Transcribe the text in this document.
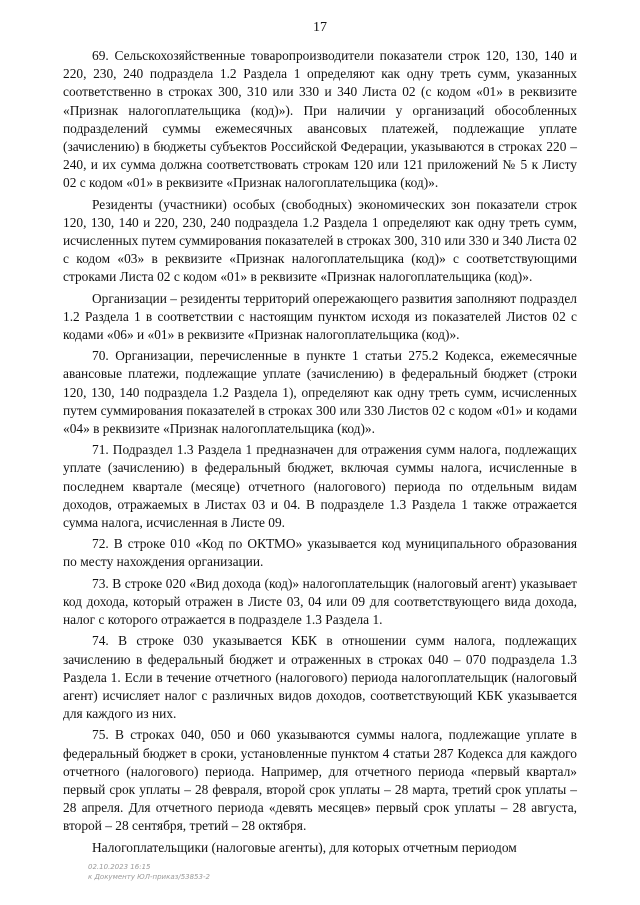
17

69. Сельскохозяйственные товаропроизводители показатели строк 120, 130, 140 и 220, 230, 240 подраздела 1.2 Раздела 1 определяют как одну треть сумм, указанных соответственно в строках 300, 310 или 330 и 340 Листа 02 (с кодом «01» в реквизите «Признак налогоплательщика (код)»). При наличии у организаций обособленных подразделений суммы ежемесячных авансовых платежей, подлежащие уплате (зачислению) в бюджеты субъектов Российской Федерации, указываются в строках 220 – 240, и их сумма должна соответствовать строкам 120 или 121 приложений № 5 к Листу 02 с кодом «01» в реквизите «Признак налогоплательщика (код)».

Резиденты (участники) особых (свободных) экономических зон показатели строк 120, 130, 140 и 220, 230, 240 подраздела 1.2 Раздела 1 определяют как одну треть сумм, исчисленных путем суммирования показателей в строках 300, 310 или 330 и 340 Листа 02 с кодом «03» в реквизите «Признак налогоплательщика (код)» с соответствующими строками Листа 02 с кодом «01» в реквизите «Признак налогоплательщика (код)».

Организации – резиденты территорий опережающего развития заполняют подраздел 1.2 Раздела 1 в соответствии с настоящим пунктом исходя из показателей Листов 02 с кодами «06» и «01» в реквизите «Признак налогоплательщика (код)».

70. Организации, перечисленные в пункте 1 статьи 275.2 Кодекса, ежемесячные авансовые платежи, подлежащие уплате (зачислению) в федеральный бюджет (строки 120, 130, 140 подраздела 1.2 Раздела 1), определяют как одну треть сумм, исчисленных путем суммирования показателей в строках 300 или 330 Листов 02 с кодом «01» и кодами «04» в реквизите «Признак налогоплательщика (код)».

71. Подраздел 1.3 Раздела 1 предназначен для отражения сумм налога, подлежащих уплате (зачислению) в федеральный бюджет, включая суммы налога, исчисленные в последнем квартале (месяце) отчетного (налогового) периода по отдельным видам доходов, отражаемых в Листах 03 и 04. В подразделе 1.3 Раздела 1 также отражается сумма налога, исчисленная в Листе 09.

72. В строке 010 «Код по ОКТМО» указывается код муниципального образования по месту нахождения организации.

73. В строке 020 «Вид дохода (код)» налогоплательщик (налоговый агент) указывает код дохода, который отражен в Листе 03, 04 или 09 для соответствующего вида дохода, налог с которого отражается в подразделе 1.3 Раздела 1.

74. В строке 030 указывается КБК в отношении сумм налога, подлежащих зачислению в федеральный бюджет и отраженных в строках 040 – 070 подраздела 1.3 Раздела 1. Если в течение отчетного (налогового) периода налогоплательщик (налоговый агент) исчисляет налог с различных видов доходов, соответствующий КБК указывается для каждого из них.

75. В строках 040, 050 и 060 указываются суммы налога, подлежащие уплате в федеральный бюджет в сроки, установленные пунктом 4 статьи 287 Кодекса для каждого отчетного (налогового) периода. Например, для отчетного периода «первый квартал» первый срок уплаты – 28 февраля, второй срок уплаты – 28 марта, третий срок уплаты – 28 апреля. Для отчетного периода «девять месяцев» первый срок уплаты – 28 августа, второй – 28 сентября, третий – 28 октября.

Налогоплательщики (налоговые агенты), для которых отчетным периодом

02.10.2023 16:15
к Документу ЮЛ-приказ/53853-2
